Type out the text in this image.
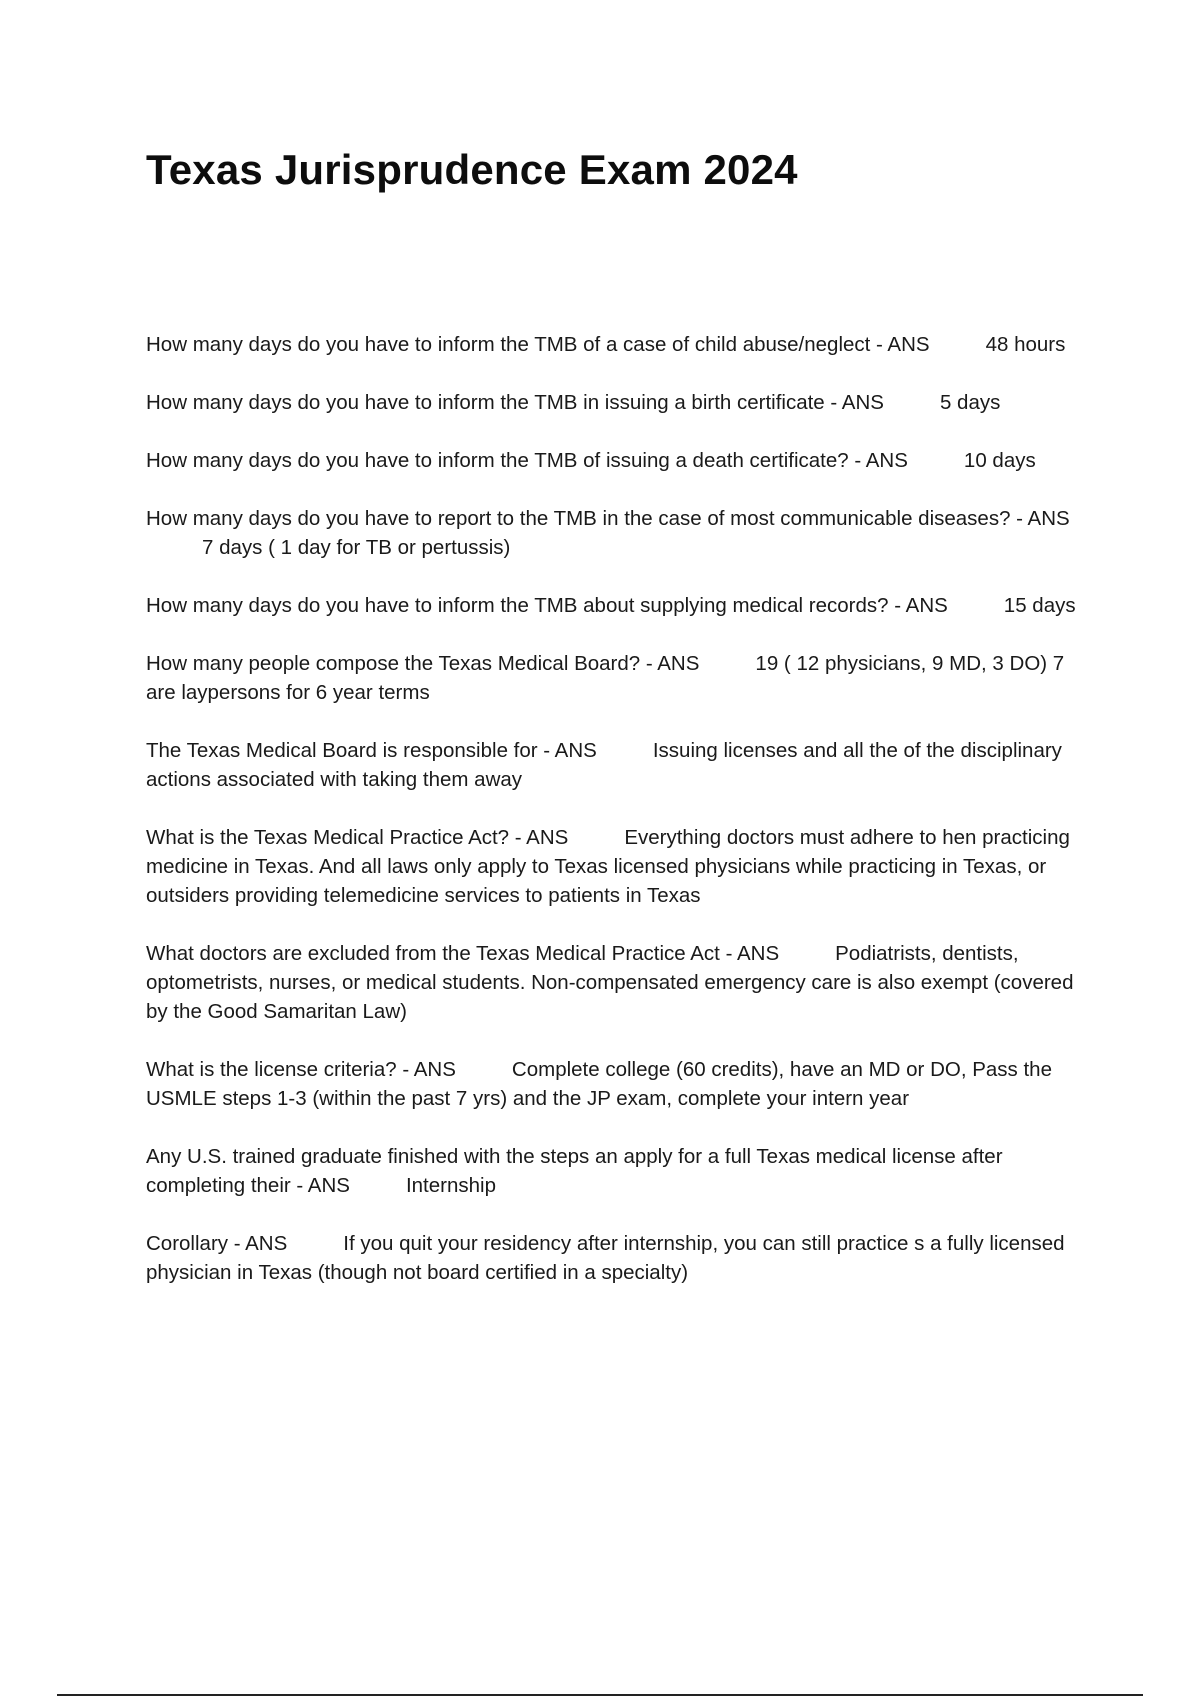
Texas Jurisprudence Exam 2024
How many days do you have to inform the TMB of a case of child abuse/neglect - ANS	48 hours
How many days do you have to inform the TMB in issuing a birth certificate - ANS	5 days
How many days do you have to inform the TMB of issuing a death certificate? - ANS	10 days
How many days do you have to report to the TMB in the case of most communicable diseases? - ANS7 days ( 1 day for TB or pertussis)
How many days do you have to inform the TMB about supplying medical records? - ANS	15 days
How many people compose the Texas Medical Board? - ANS	19 ( 12 physicians, 9 MD, 3 DO) 7 are laypersons for 6 year terms
The Texas Medical Board is responsible for - ANS	Issuing licenses and all the of the disciplinary actions associated with taking them away
What is the Texas Medical Practice Act? - ANS	Everything doctors must adhere to hen practicing medicine in Texas. And all laws only apply to Texas licensed physicians while practicing in Texas, or outsiders providing telemedicine services to patients in Texas
What doctors are excluded from the Texas Medical Practice Act - ANS	Podiatrists, dentists, optometrists, nurses, or medical students. Non-compensated emergency care is also exempt (covered by the Good Samaritan Law)
What is the license criteria? - ANS	Complete college (60 credits), have an MD or DO, Pass the USMLE steps 1-3 (within the past 7 yrs) and the JP exam, complete your intern year
Any U.S. trained graduate finished with the steps an apply for a full Texas medical license after completing their - ANS	Internship
Corollary - ANS	If you quit your residency after internship, you can still practice s a fully licensed physician in Texas (though not board certified in a specialty)
